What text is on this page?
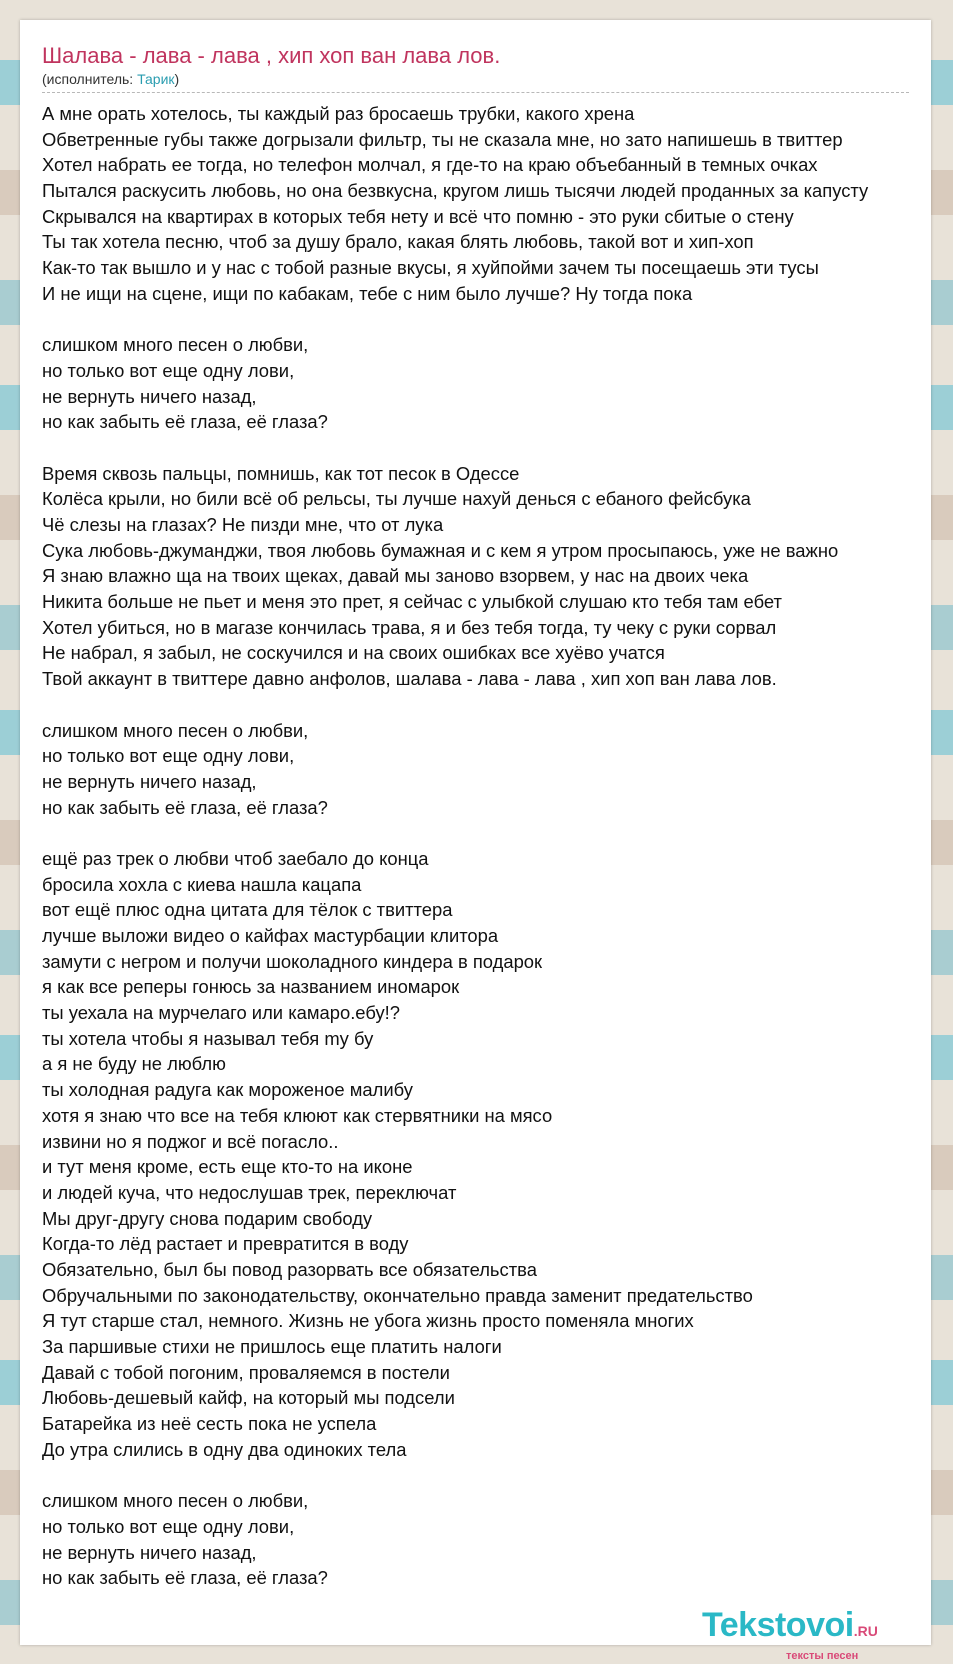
Шалава - лава - лава , хип хоп ван лава лов.
(исполнитель: Тарик)
А мне орать хотелось, ты каждый раз бросаешь трубки, какого хрена
Обветренные губы также догрызали фильтр, ты не сказала мне, но зато напишешь в твиттер
Хотел набрать ее тогда, но телефон молчал, я где-то на краю объебанный в темных очках
Пытался раскусить любовь, но она безвкусна, кругом лишь тысячи людей проданных за капусту
Скрывался на квартирах в которых тебя нету и всё что помню - это руки сбитые о стену
Ты так хотела песню, чтоб за душу брало, какая блять любовь, такой вот и хип-хоп
Как-то так вышло и у нас с тобой разные вкусы, я хуйпойми зачем ты посещаешь эти тусы
И не ищи на сцене, ищи по кабакам, тебе с ним было лучше? Ну тогда пока
слишком много песен о любви,
но только вот еще одну лови,
не вернуть ничего назад,
но как забыть её глаза, её глаза?
Время сквозь пальцы, помнишь, как тот песок в Одессе
Колёса крыли, но били всё об рельсы, ты лучше нахуй денься с ебаного фейсбука
Чё слезы на глазах? Не пизди мне, что от лука
Сука любовь-джуманджи, твоя любовь бумажная и с кем я утром просыпаюсь, уже не важно
Я знаю влажно ща на твоих щеках, давай мы заново взорвем, у нас на двоих чека
Никита больше не пьет и меня это прет, я сейчас с улыбкой слушаю кто тебя там ебет
Хотел убиться, но в магазе кончилась трава, я и без тебя тогда, ту чеку с руки сорвал
Не набрал, я забыл, не соскучился и на своих ошибках все хуёво учатся
Твой аккаунт в твиттере давно анфолов, шалава - лава - лава , хип хоп ван лава лов.
слишком много песен о любви,
но только вот еще одну лови,
не вернуть ничего назад,
но как забыть её глаза, её глаза?
ещё раз трек о любви чтоб заебало до конца
бросила хохла с киева нашла кацапа
вот ещё плюс одна цитата для тёлок с твиттера
лучше выложи видео о кайфах мастурбации клитора
замути с негром и получи шоколадного киндера в подарок
я как все реперы гонюсь за названием иномарок
ты уехала на мурчелаго или камаро.ебу!?
ты хотела чтобы я называл тебя my бу
а я не буду не люблю
ты холодная радуга как мороженое малибу
хотя я знаю что все на тебя клюют как стервятники на мясо
извини но я поджог и всё погасло..
и тут меня кроме, есть еще кто-то на иконе
и людей куча, что недослушав трек, переключат
Мы друг-другу снова подарим свободу
Когда-то лёд растает и превратится в воду
Обязательно, был бы повод разорвать все обязательства
Обручальными по законодательству, окончательно правда заменит предательство
Я тут старше стал, немного. Жизнь не убога жизнь просто поменяла многих
За паршивые стихи не пришлось еще платить налоги
Давай с тобой погоним, проваляемся в постели
Любовь-дешевый кайф, на который мы подсели
Батарейка из неё сесть пока не успела
До утра слились в одну два одиноких тела
слишком много песен о любви,
но только вот еще одну лови,
не вернуть ничего назад,
но как забыть её глаза, её глаза?
Tekstovoi.RU
тексты песен
